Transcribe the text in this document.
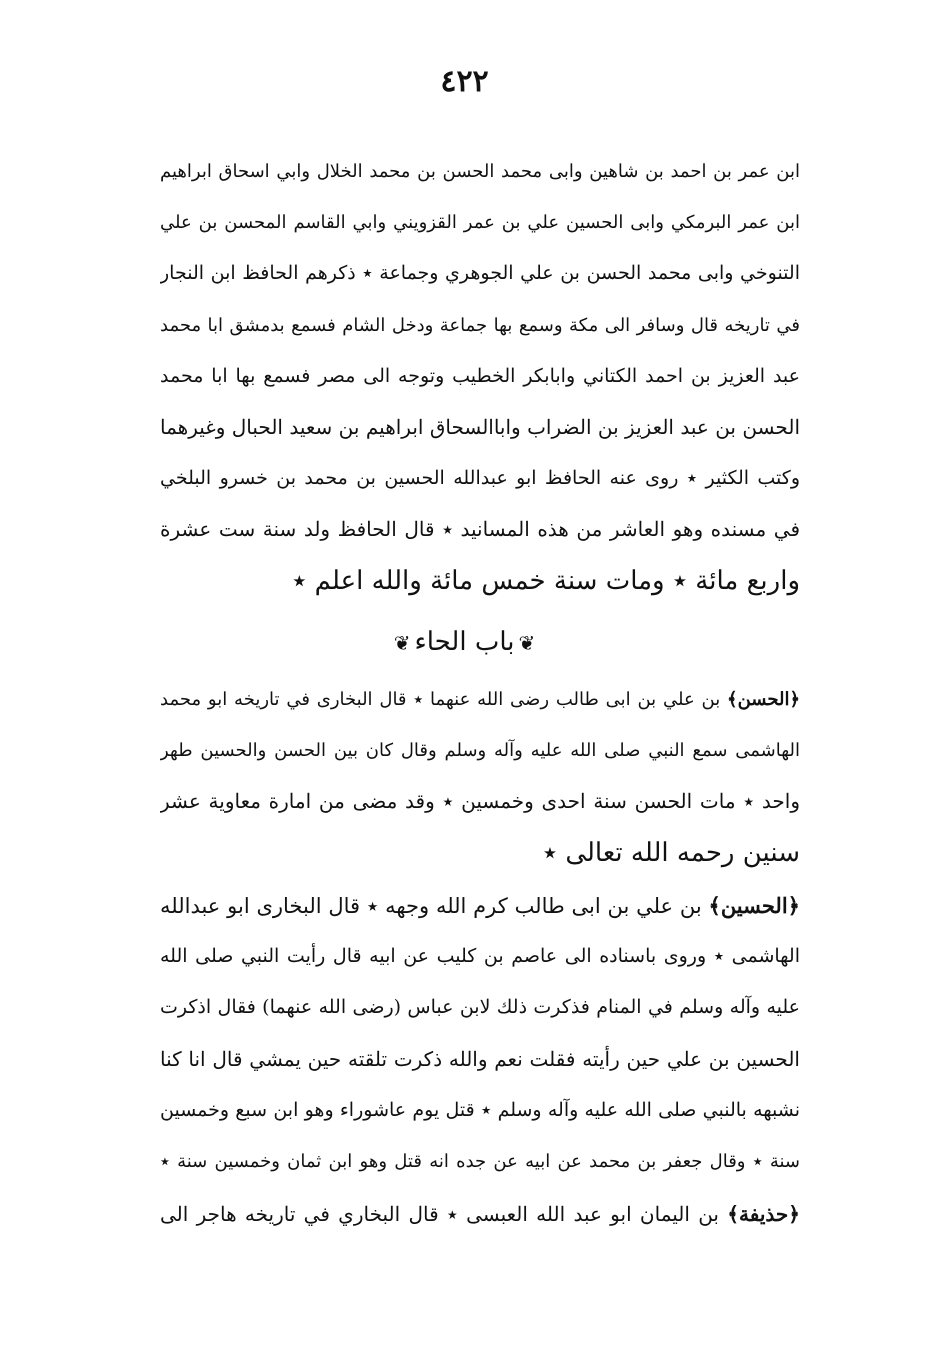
٤٢٢
ابن عمر بن احمد بن شاهين وابى محمد الحسن بن محمد الخلال وابي اسحاق ابراهيم
ابن عمر البرمكي وابى الحسين علي بن عمر القزويني وابي القاسم المحسن بن علي
التنوخي وابى محمد الحسن بن علي الجوهري وجماعة ٭ ذكرهم الحافظ ابن النجار
في تاريخه قال وسافر الى مكة وسمع بها جماعة ودخل الشام فسمع بدمشق ابا محمد
عبد العزيز بن احمد الكتاني وابابكر الخطيب وتوجه الى مصر فسمع بها ابا محمد
الحسن بن عبد العزيز بن الضراب واباالسحاق ابراهيم بن سعيد الحبال وغيرهما
وكتب الكثير ٭ روى عنه الحافظ ابو عبدالله الحسين بن محمد بن خسرو البلخي
في مسنده وهو العاشر من هذه المسانيد ٭ قال الحافظ ولد سنة ست عشرة
واربع مائة ٭ ومات سنة خمس مائة والله اعلم ٭
❦باب الحاء❦
﴿الحسن﴾ بن علي بن ابى طالب رضى الله عنهما ٭ قال البخارى في تاريخه ابو محمد
الهاشمى سمع النبي صلى الله عليه وآله وسلم وقال كان بين الحسن والحسين طهر
واحد ٭ مات الحسن سنة احدى وخمسين ٭ وقد مضى من امارة معاوية عشر
سنين رحمه الله تعالى ٭
﴿الحسين﴾ بن علي بن ابى طالب كرم الله وجهه ٭ قال البخارى ابو عبدالله
الهاشمى ٭ وروى باسناده الى عاصم بن كليب عن ابيه قال رأيت النبي صلى الله
عليه وآله وسلم في المنام فذكرت ذلك لابن عباس (رضى الله عنهما) فقال اذكرت
الحسين بن علي حين رأيته فقلت نعم والله ذكرت تلقته حين يمشي قال انا كنا
نشبهه بالنبي صلى الله عليه وآله وسلم ٭ قتل يوم عاشوراء وهو ابن سبع وخمسين
سنة ٭ وقال جعفر بن محمد عن ابيه عن جده انه قتل وهو ابن ثمان وخمسين سنة ٭
﴿حذيفة﴾ بن اليمان ابو عبد الله العبسى ٭ قال البخاري في تاريخه هاجر الى
